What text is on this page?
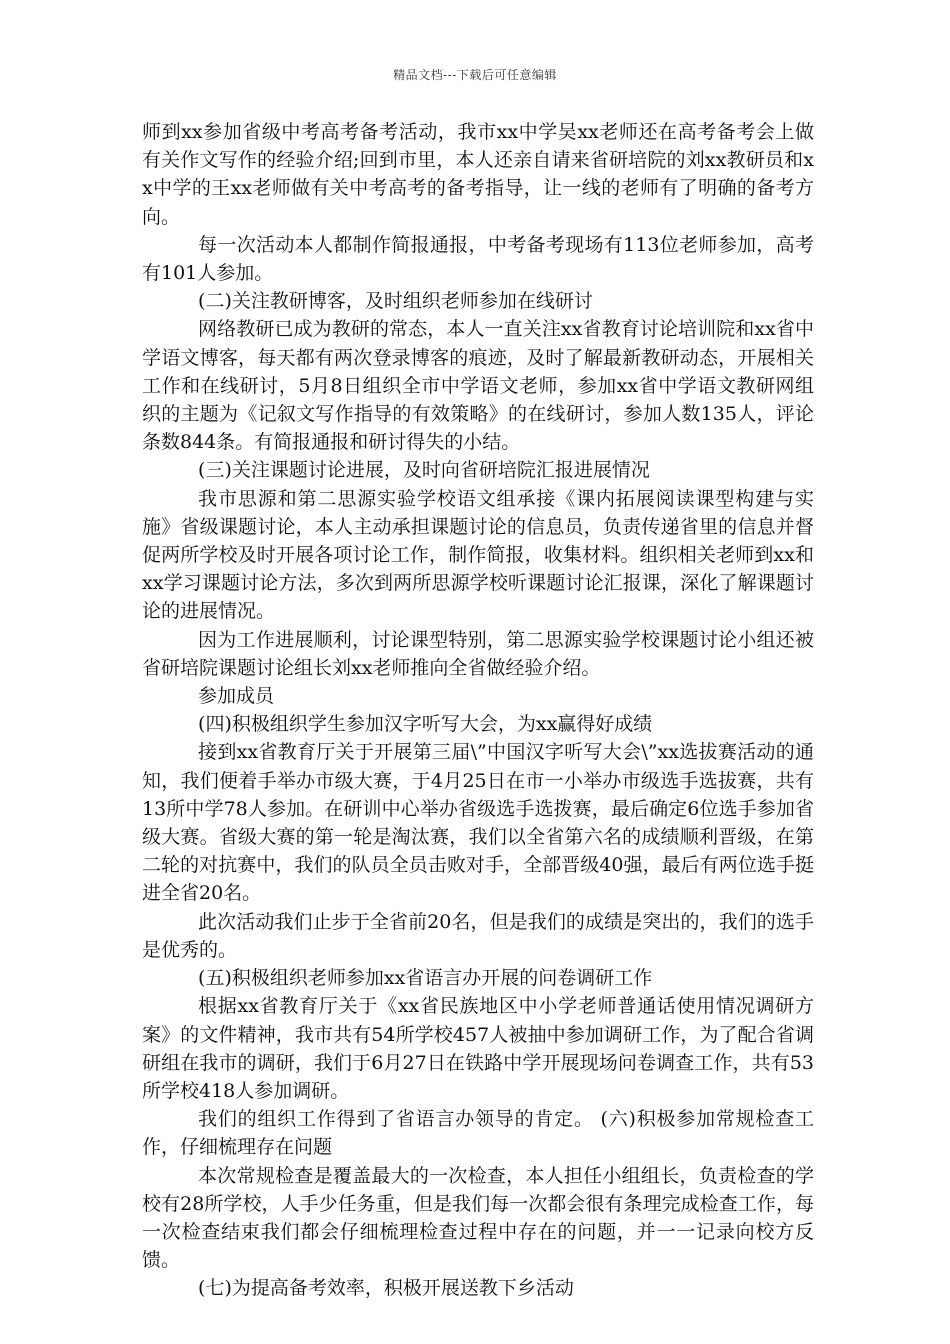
精品文档---下载后可任意编辑

师到xx参加省级中考高考备考活动，我市xx中学吴xx老师还在高考备考会上做有关作文写作的经验介绍;回到市里，本人还亲自请来省研培院的刘xx教研员和xx中学的王xx老师做有关中考高考的备考指导，让一线的老师有了明确的备考方向。

每一次活动本人都制作简报通报，中考备考现场有113位老师参加，高考有101人参加。

(二)关注教研博客，及时组织老师参加在线研讨

网络教研已成为教研的常态，本人一直关注xx省教育讨论培训院和xx省中学语文博客，每天都有两次登录博客的痕迹，及时了解最新教研动态，开展相关工作和在线研讨，5月8日组织全市中学语文老师，参加xx省中学语文教研网组织的主题为《记叙文写作指导的有效策略》的在线研讨，参加人数135人，评论条数844条。有简报通报和研讨得失的小结。

(三)关注课题讨论进展，及时向省研培院汇报进展情况

我市思源和第二思源实验学校语文组承接《课内拓展阅读课型构建与实施》省级课题讨论，本人主动承担课题讨论的信息员，负责传递省里的信息并督促两所学校及时开展各项讨论工作，制作简报，收集材料。组织相关老师到xx和xx学习课题讨论方法，多次到两所思源学校听课题讨论汇报课，深化了解课题讨论的进展情况。

因为工作进展顺利，讨论课型特别，第二思源实验学校课题讨论小组还被省研培院课题讨论组长刘xx老师推向全省做经验介绍。

参加成员

(四)积极组织学生参加汉字听写大会，为xx赢得好成绩

接到xx省教育厅关于开展第三届\”中国汉字听写大会\”xx选拔赛活动的通知，我们便着手举办市级大赛，于4月25日在市一小举办市级选手选拔赛，共有13所中学78人参加。在研训中心举办省级选手选拨赛，最后确定6位选手参加省级大赛。省级大赛的第一轮是淘汰赛，我们以全省第六名的成绩顺利晋级，在第二轮的对抗赛中，我们的队员全员击败对手，全部晋级40强，最后有两位选手挺进全省20名。

此次活动我们止步于全省前20名，但是我们的成绩是突出的，我们的选手是优秀的。

(五)积极组织老师参加xx省语言办开展的问卷调研工作

根据xx省教育厅关于《xx省民族地区中小学老师普通话使用情况调研方案》的文件精神，我市共有54所学校457人被抽中参加调研工作，为了配合省调研组在我市的调研，我们于6月27日在铁路中学开展现场问卷调查工作，共有53所学校418人参加调研。

我们的组织工作得到了省语言办领导的肯定。 (六)积极参加常规检查工作，仔细梳理存在问题

本次常规检查是覆盖最大的一次检查，本人担任小组组长，负责检查的学校有28所学校，人手少任务重，但是我们每一次都会很有条理完成检查工作，每一次检查结束我们都会仔细梳理检查过程中存在的问题，并一一记录向校方反馈。

(七)为提高备考效率，积极开展送教下乡活动
